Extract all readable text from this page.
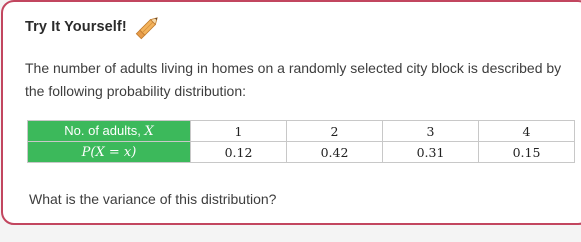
Try It Yourself!
The number of adults living in homes on a randomly selected city block is described by the following probability distribution:
No. of adults, X	1	2	3	4
P(X = x)	0.12	0.42	0.31	0.15
What is the variance of this distribution?
